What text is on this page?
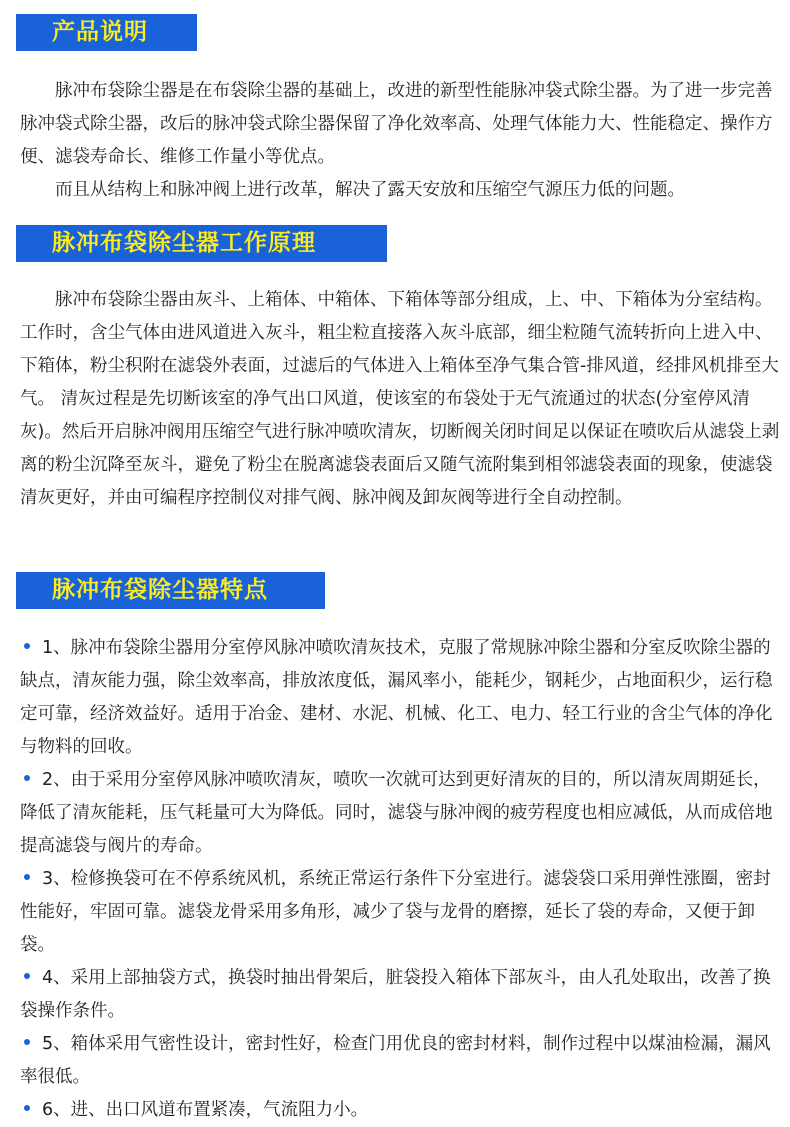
产品说明

脉冲布袋除尘器是在布袋除尘器的基础上，改进的新型性能脉冲袋式除尘器。为了进一步完善脉冲袋式除尘器，改后的脉冲袋式除尘器保留了净化效率高、处理气体能力大、性能稳定、操作方便、滤袋寿命长、维修工作量小等优点。

而且从结构上和脉冲阀上进行改革，解决了露天安放和压缩空气源压力低的问题。

脉冲布袋除尘器工作原理

脉冲布袋除尘器由灰斗、上箱体、中箱体、下箱体等部分组成，上、中、下箱体为分室结构。工作时，含尘气体由进风道进入灰斗，粗尘粒直接落入灰斗底部，细尘粒随气流转折向上进入中、下箱体，粉尘积附在滤袋外表面，过滤后的气体进入上箱体至净气集合管-排风道，经排风机排至大气。 清灰过程是先切断该室的净气出口风道，使该室的布袋处于无气流通过的状态(分室停风清灰)。然后开启脉冲阀用压缩空气进行脉冲喷吹清灰，切断阀关闭时间足以保证在喷吹后从滤袋上剥离的粉尘沉降至灰斗，避免了粉尘在脱离滤袋表面后又随气流附集到相邻滤袋表面的现象，使滤袋清灰更好，并由可编程序控制仪对排气阀、脉冲阀及卸灰阀等进行全自动控制。

脉冲布袋除尘器特点

1、脉冲布袋除尘器用分室停风脉冲喷吹清灰技术，克服了常规脉冲除尘器和分室反吹除尘器的缺点，清灰能力强，除尘效率高，排放浓度低，漏风率小，能耗少，钢耗少，占地面积少，运行稳定可靠，经济效益好。适用于冶金、建材、水泥、机械、化工、电力、轻工行业的含尘气体的净化与物料的回收。

2、由于采用分室停风脉冲喷吹清灰，喷吹一次就可达到更好清灰的目的，所以清灰周期延长，降低了清灰能耗，压气耗量可大为降低。同时，滤袋与脉冲阀的疲劳程度也相应减低，从而成倍地提高滤袋与阀片的寿命。

3、检修换袋可在不停系统风机，系统正常运行条件下分室进行。滤袋袋口采用弹性涨圈，密封性能好，牢固可靠。滤袋龙骨采用多角形，减少了袋与龙骨的磨擦，延长了袋的寿命，又便于卸袋。

4、采用上部抽袋方式，换袋时抽出骨架后，脏袋投入箱体下部灰斗，由人孔处取出，改善了换袋操作条件。

5、箱体采用气密性设计，密封性好，检查门用优良的密封材料，制作过程中以煤油检漏，漏风率很低。

6、进、出口风道布置紧凑，气流阻力小。
